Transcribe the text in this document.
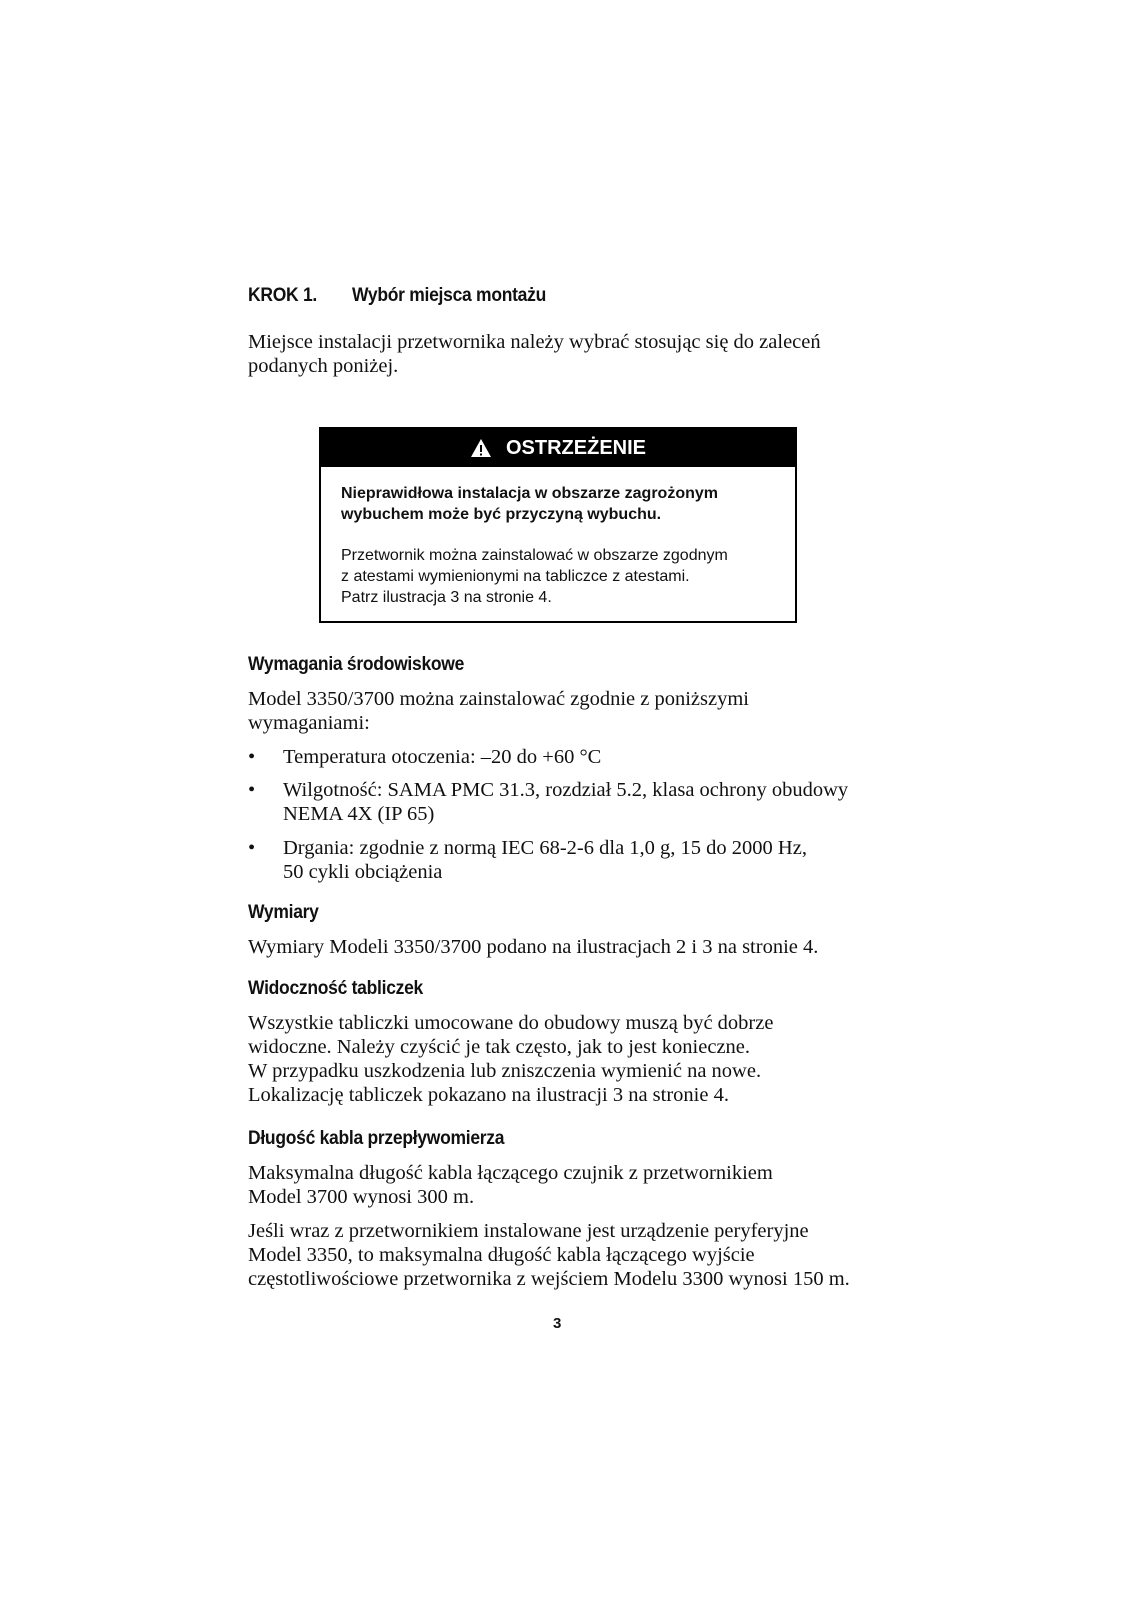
KROK 1. Wybór miejsca montażu
Miejsce instalacji przetwornika należy wybrać stosując się do zaleceń
podanych poniżej.
OSTRZEŻENIE
Nieprawidłowa instalacja w obszarze zagrożonym
wybuchem może być przyczyną wybuchu.
Przetwornik można zainstalować w obszarze zgodnym
z atestami wymienionymi na tabliczce z atestami.
Patrz ilustracja 3 na stronie 4.
Wymagania środowiskowe
Model 3350/3700 można zainstalować zgodnie z poniższymi
wymaganiami:
• Temperatura otoczenia: –20 do +60 °C
• Wilgotność: SAMA PMC 31.3, rozdział 5.2, klasa ochrony obudowy
NEMA 4X (IP 65)
• Drgania: zgodnie z normą IEC 68-2-6 dla 1,0 g, 15 do 2000 Hz,
50 cykli obciążenia
Wymiary
Wymiary Modeli 3350/3700 podano na ilustracjach 2 i 3 na stronie 4.
Widoczność tabliczek
Wszystkie tabliczki umocowane do obudowy muszą być dobrze
widoczne. Należy czyścić je tak często, jak to jest konieczne.
W przypadku uszkodzenia lub zniszczenia wymienić na nowe.
Lokalizację tabliczek pokazano na ilustracji 3 na stronie 4.
Długość kabla przepływomierza
Maksymalna długość kabla łączącego czujnik z przetwornikiem
Model 3700 wynosi 300 m.
Jeśli wraz z przetwornikiem instalowane jest urządzenie peryferyjne
Model 3350, to maksymalna długość kabla łączącego wyjście
częstotliwościowe przetwornika z wejściem Modelu 3300 wynosi 150 m.
3
